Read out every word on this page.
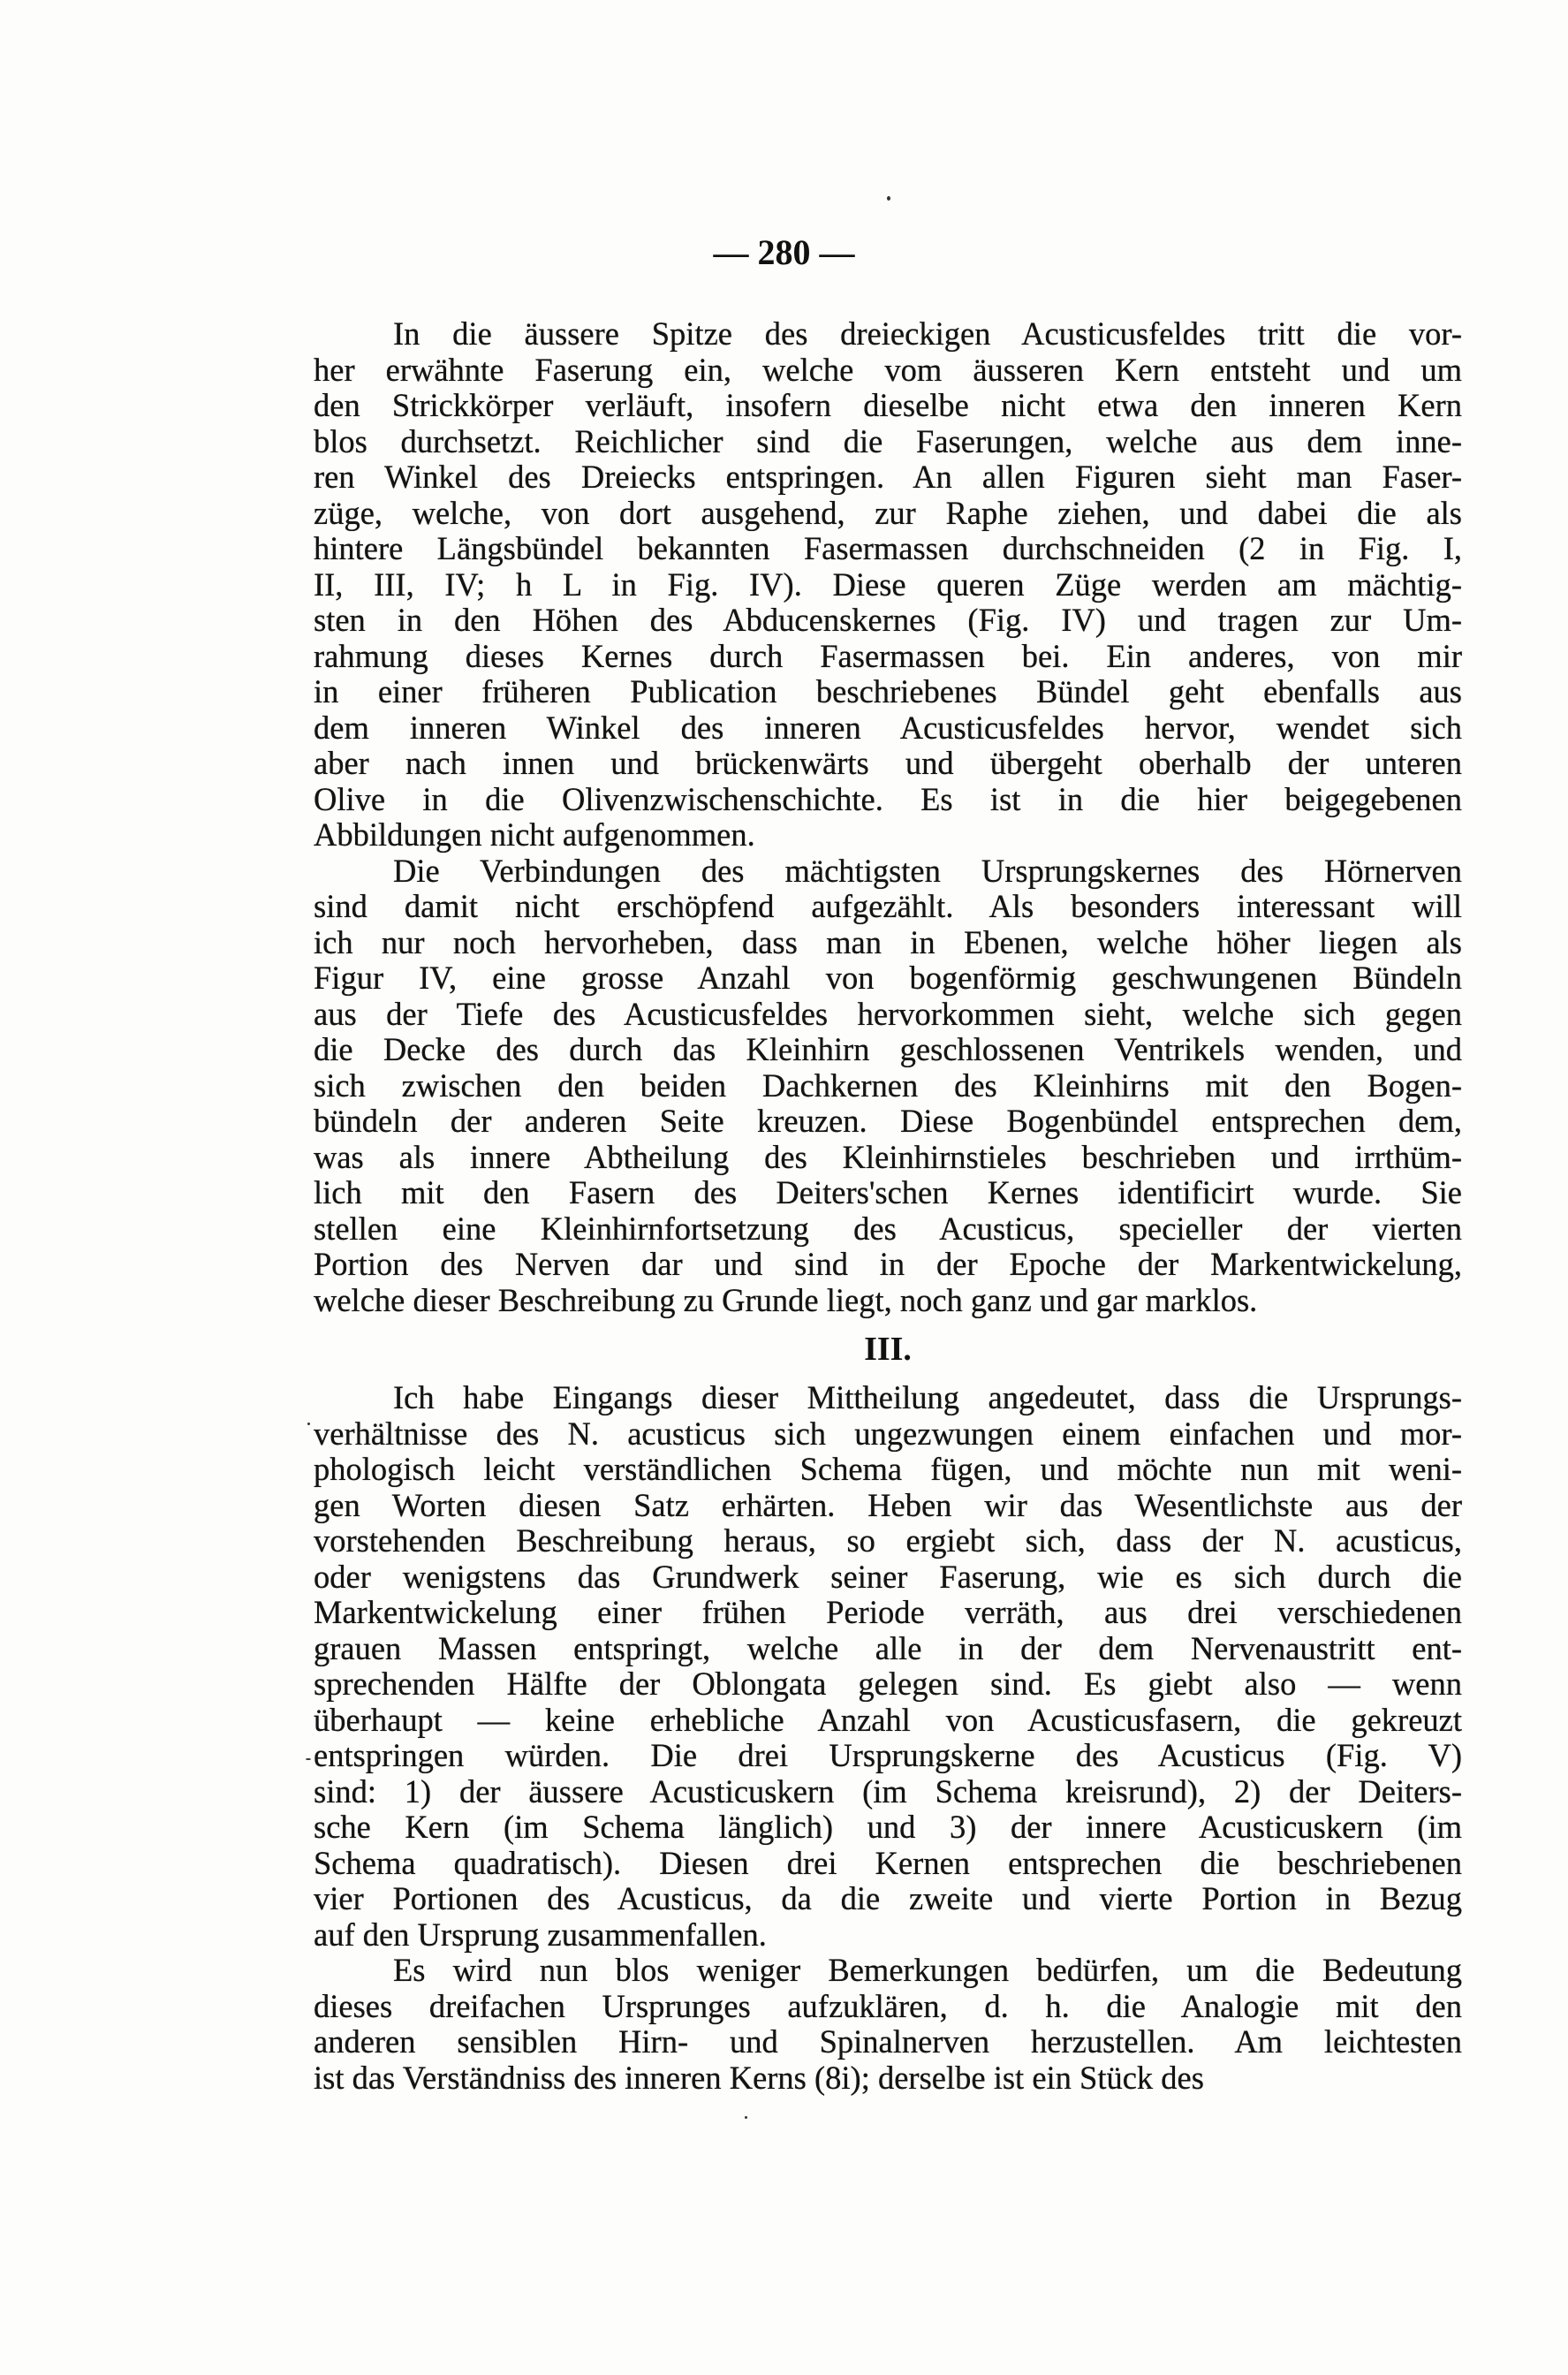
— 280 —
In die äussere Spitze des dreieckigen Acusticusfeldes tritt die vor-
her erwähnte Faserung ein, welche vom äusseren Kern entsteht und um
den Strickkörper verläuft, insofern dieselbe nicht etwa den inneren Kern
blos durchsetzt. Reichlicher sind die Faserungen, welche aus dem inne-
ren Winkel des Dreiecks entspringen. An allen Figuren sieht man Faser-
züge, welche, von dort ausgehend, zur Raphe ziehen, und dabei die als
hintere Längsbündel bekannten Fasermassen durchschneiden (2 in Fig. I,
II, III, IV; h L in Fig. IV). Diese queren Züge werden am mächtig-
sten in den Höhen des Abducenskernes (Fig. IV) und tragen zur Um-
rahmung dieses Kernes durch Fasermassen bei. Ein anderes, von mir
in einer früheren Publication beschriebenes Bündel geht ebenfalls aus
dem inneren Winkel des inneren Acusticusfeldes hervor, wendet sich
aber nach innen und brückenwärts und übergeht oberhalb der unteren
Olive in die Olivenzwischenschichte. Es ist in die hier beigegebenen
Abbildungen nicht aufgenommen.
Die Verbindungen des mächtigsten Ursprungskernes des Hörnerven
sind damit nicht erschöpfend aufgezählt. Als besonders interessant will
ich nur noch hervorheben, dass man in Ebenen, welche höher liegen als
Figur IV, eine grosse Anzahl von bogenförmig geschwungenen Bündeln
aus der Tiefe des Acusticusfeldes hervorkommen sieht, welche sich gegen
die Decke des durch das Kleinhirn geschlossenen Ventrikels wenden, und
sich zwischen den beiden Dachkernen des Kleinhirns mit den Bogen-
bündeln der anderen Seite kreuzen. Diese Bogenbündel entsprechen dem,
was als innere Abtheilung des Kleinhirnstieles beschrieben und irrthüm-
lich mit den Fasern des Deiters'schen Kernes identificirt wurde. Sie
stellen eine Kleinhirnfortsetzung des Acusticus, specieller der vierten
Portion des Nerven dar und sind in der Epoche der Markentwickelung,
welche dieser Beschreibung zu Grunde liegt, noch ganz und gar marklos.
III.
Ich habe Eingangs dieser Mittheilung angedeutet, dass die Ursprungs-
verhältnisse des N. acusticus sich ungezwungen einem einfachen und mor-
phologisch leicht verständlichen Schema fügen, und möchte nun mit weni-
gen Worten diesen Satz erhärten. Heben wir das Wesentlichste aus der
vorstehenden Beschreibung heraus, so ergiebt sich, dass der N. acusticus,
oder wenigstens das Grundwerk seiner Faserung, wie es sich durch die
Markentwickelung einer frühen Periode verräth, aus drei verschiedenen
grauen Massen entspringt, welche alle in der dem Nervenaustritt ent-
sprechenden Hälfte der Oblongata gelegen sind. Es giebt also — wenn
überhaupt — keine erhebliche Anzahl von Acusticusfasern, die gekreuzt
entspringen würden. Die drei Ursprungskerne des Acusticus (Fig. V)
sind: 1) der äussere Acusticuskern (im Schema kreisrund), 2) der Deiters-
sche Kern (im Schema länglich) und 3) der innere Acusticuskern (im
Schema quadratisch). Diesen drei Kernen entsprechen die beschriebenen
vier Portionen des Acusticus, da die zweite und vierte Portion in Bezug
auf den Ursprung zusammenfallen.
Es wird nun blos weniger Bemerkungen bedürfen, um die Bedeutung
dieses dreifachen Ursprunges aufzuklären, d. h. die Analogie mit den
anderen sensiblen Hirn- und Spinalnerven herzustellen. Am leichtesten
ist das Verständniss des inneren Kerns (8i); derselbe ist ein Stück des
